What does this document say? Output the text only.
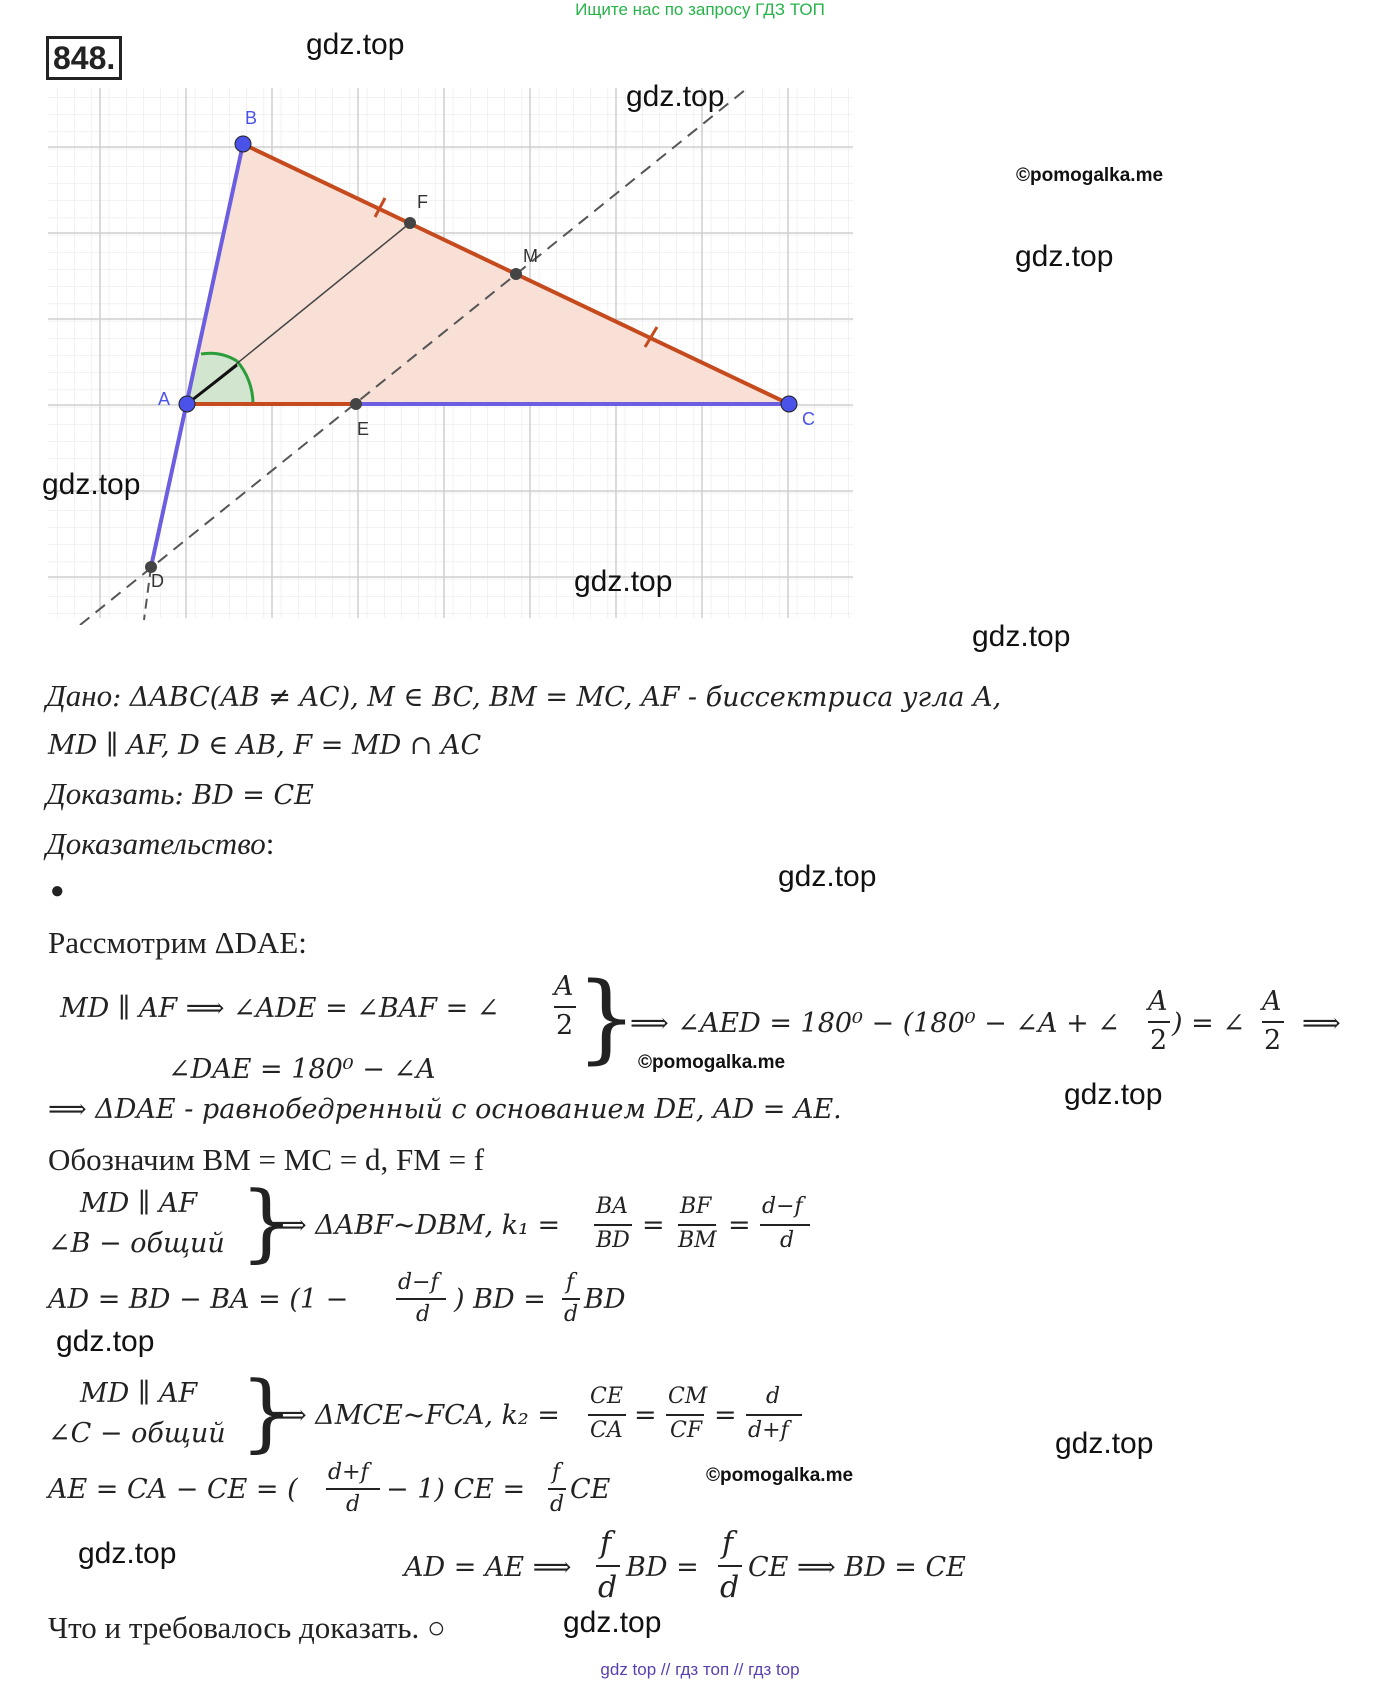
Ищите нас по запросу ГДЗ ТОП
848.
B
A
C
F
M
E
D
gdz.top
gdz.top
©pomogalka.me
gdz.top
gdz.top
gdz.top
gdz.top
gdz.top
©pomogalka.me
gdz.top
gdz.top
gdz.top
©pomogalka.me
gdz.top
gdz.top
Дано: ΔABC(AB ≠ AC), M ∈ BC, BM = MC, AF - биссектриса угла A,
MD ∥ AF, D ∈ AB, F = MD ∩ AC
Доказать: BD = CE
Доказательство:
●
Рассмотрим ΔDAE:
MD ∥ AF ⟹ ∠ADE = ∠BAF = ∠
A
2 }
∠DAE = 180⁰ − ∠A
⟹ ∠AED = 180⁰ − (180⁰ − ∠A + ∠
A
2
) = ∠
A
2
⟹
⟹ ΔDAE - равнобедренный с основанием DE, AD = AE.
Обозначим BM = MC = d, FM = f
MD ∥ AF
∠B − общий }
⟹ ΔABF~DBM, k₁ =
BA
BD =
BF
BM =
d−f
d
AD = BD − BA = (1 −
d−f
d ) BD =
f
d BD
MD ∥ AF
∠C − общий }
⟹ ΔMCE~FCA, k₂ =
CE
CA =
CM
CF =
d
d+f
AE = CA − CE = (
d+f
d − 1) CE =
f
d CE
AD = AE ⟹
f
d
BD =
f
d
CE ⟹ BD = CE
Что и требовалось доказать. ○
gdz top // гдз топ // гдз top
